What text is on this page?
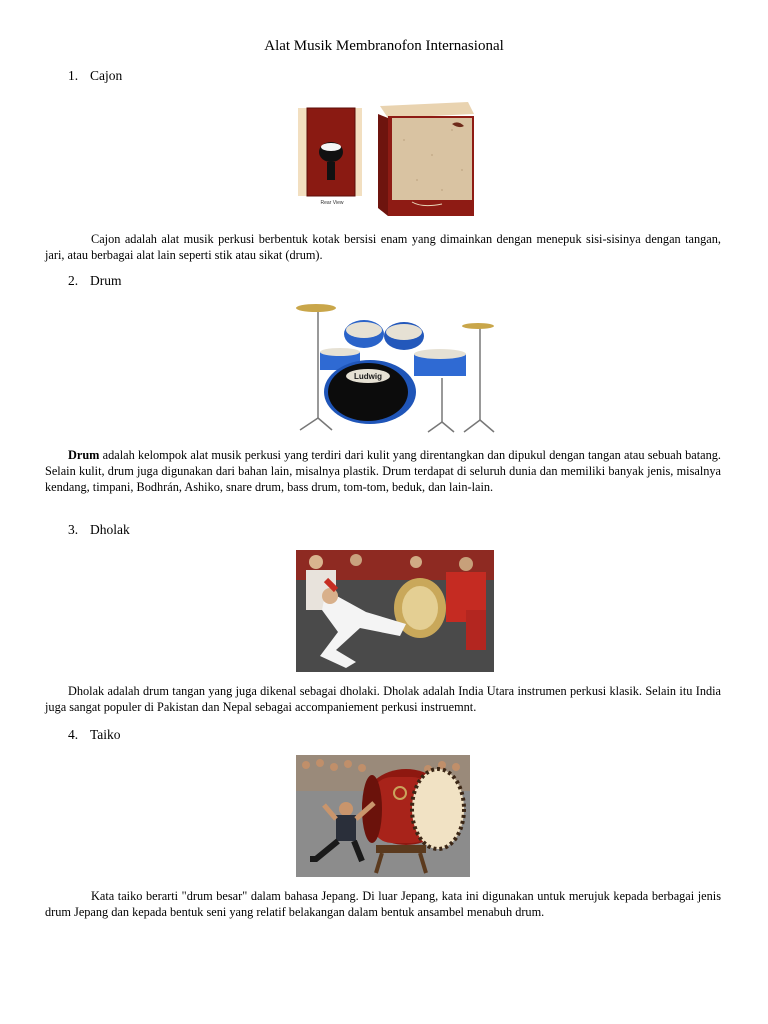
Alat Musik Membranofon Internasional
1. Cajon
Rear View
Cajon adalah alat musik perkusi berbentuk kotak bersisi enam yang dimainkan dengan menepuk sisi-sisinya dengan tangan, jari, atau berbagai alat lain seperti stik atau sikat (drum).
2. Drum
Ludwig
Drum adalah kelompok alat musik perkusi yang terdiri dari kulit yang direntangkan dan dipukul dengan tangan atau sebuah batang. Selain kulit, drum juga digunakan dari bahan lain, misalnya plastik. Drum terdapat di seluruh dunia dan memiliki banyak jenis, misalnya kendang, timpani, Bodhrán, Ashiko, snare drum, bass drum, tom-tom, beduk, dan lain-lain.
3. Dholak
Dholak adalah drum tangan yang juga dikenal sebagai dholaki. Dholak adalah India Utara instrumen perkusi klasik. Selain itu India juga sangat populer di Pakistan dan Nepal sebagai accompaniement perkusi instruemnt.
4. Taiko
Kata taiko berarti "drum besar" dalam bahasa Jepang. Di luar Jepang, kata ini digunakan untuk merujuk kepada berbagai jenis drum Jepang dan kepada bentuk seni yang relatif belakangan dalam bentuk ansambel menabuh drum.
